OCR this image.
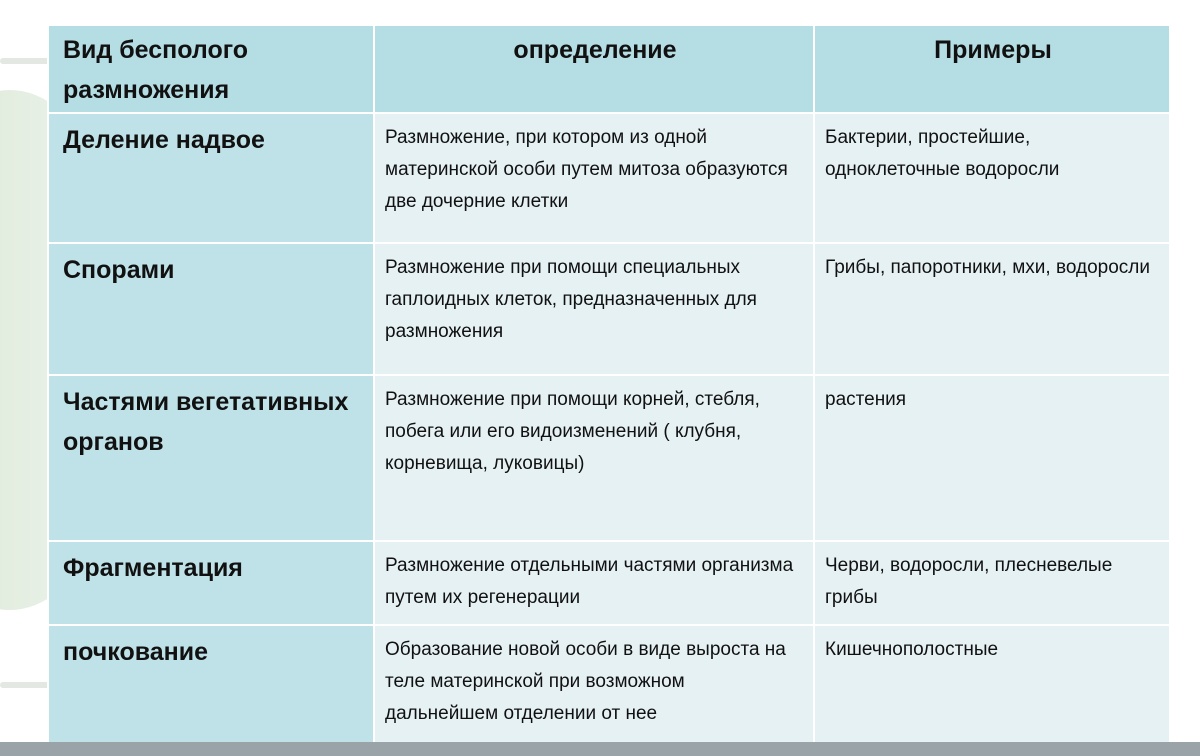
Вид бесполого размножения	определение	Примеры
Деление надвое	Размножение, при котором из одной материнской особи путем митоза образуются две дочерние клетки	Бактерии, простейшие, одноклеточные водоросли
Спорами	Размножение при помощи специальных гаплоидных клеток, предназначенных для размножения	Грибы, папоротники, мхи, водоросли
Частями вегетативных органов	Размножение при помощи корней, стебля, побега или его видоизменений ( клубня, корневища, луковицы)	растения
Фрагментация	Размножение отдельными частями организма путем их регенерации	Черви, водоросли, плесневелые грибы
почкование	Образование новой особи в виде выроста на теле материнской при возможном дальнейшем отделении от нее	Кишечнополостные
